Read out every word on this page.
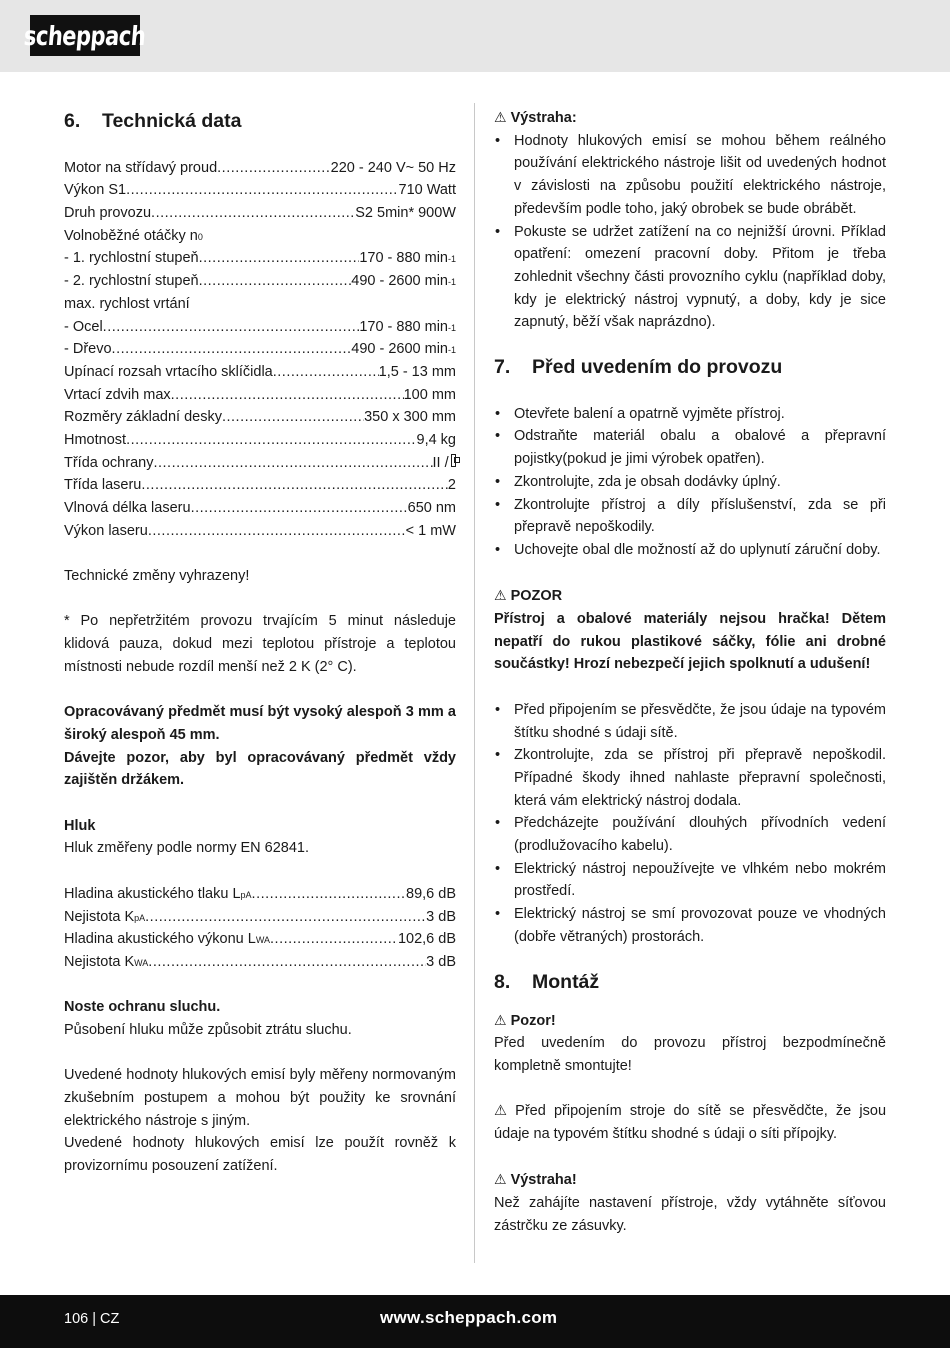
scheppach
6. Technická data
Motor na střídavý proud .....	220 - 240 V~ 50 Hz
Výkon S1 .....	710 Watt
Druh provozu .....	S2 5min* 900W
Volnoběžné otáčky n 0
- 1. rychlostní stupeň .....	170 - 880 min -1
- 2. rychlostní stupeň .....	490 - 2600 min -1
max. rychlost vrtání
- Ocel .....	170 - 880 min -1
- Dřevo .....	490 - 2600 min -1
Upínací rozsah vrtacího sklíčidla .....	1,5 - 13 mm
Vrtací zdvih max .....	100 mm
Rozměry základní desky .....	350 x 300 mm
Hmotnost .....	9,4 kg
Třída ochrany .....	II /
Třída laseru .....	2
Vlnová délka laseru .....	650 nm
Výkon laseru .....	< 1 mW

Technické změny vyhrazeny!

* Po nepřetržitém provozu trvajícím 5 minut následuje klidová pauza, dokud mezi teplotou přístroje a teplotou místnosti nebude rozdíl menší než 2 K (2° C).

Opracovávaný předmět musí být vysoký alespoň 3 mm a široký alespoň 45 mm.

Dávejte pozor, aby byl opracovávaný předmět vždy zajištěn držákem.

Hluk

Hluk změřeny podle normy EN 62841.

Hladina akustického tlaku L pA .....	89,6 dB
Nejistota K pA .....	3 dB
Hladina akustického výkonu L WA .....	102,6 dB
Nejistota K WA .....	3 dB

Noste ochranu sluchu.

Působení hluku může způsobit ztrátu sluchu.

Uvedené hodnoty hlukových emisí byly měřeny normovaným zkušebním postupem a mohou být použity ke srovnání elektrického nástroje s jiným.

Uvedené hodnoty hlukových emisí lze použít rovněž k provizornímu posouzení zatížení.

⚠ Výstraha:
• Hodnoty hlukových emisí se mohou během reálného používání elektrického nástroje lišit od uvedených hodnot v závislosti na způsobu použití elektrického nástroje, především podle toho, jaký obrobek se bude obrábět.
• Pokuste se udržet zatížení na co nejnižší úrovni. Příklad opatření: omezení pracovní doby. Přitom je třeba zohlednit všechny části provozního cyklu (například doby, kdy je elektrický nástroj vypnutý, a doby, kdy je sice zapnutý, běží však naprázdno).
7. Před uvedením do provozu
• Otevřete balení a opatrně vyjměte přístroj.
• Odstraňte materiál obalu a obalové a přepravní pojistky(pokud je jimi výrobek opatřen).
• Zkontrolujte, zda je obsah dodávky úplný.
• Zkontrolujte přístroj a díly příslušenství, zda se při přepravě nepoškodily.
• Uchovejte obal dle možností až do uplynutí záruční doby.
⚠ POZOR

Přístroj a obalové materiály nejsou hračka! Dětem nepatří do rukou plastikové sáčky, fólie ani drobné součástky! Hrozí nebezpečí jejich spolknutí a udušení!

• Před připojením se přesvědčte, že jsou údaje na typovém štítku shodné s údaji sítě.
• Zkontrolujte, zda se přístroj při přepravě nepoškodil. Případné škody ihned nahlaste přepravní společnosti, která vám elektrický nástroj dodala.
• Předcházejte používání dlouhých přívodních vedení (prodlužovacího kabelu).
• Elektrický nástroj nepoužívejte ve vlhkém nebo mokrém prostředí.
• Elektrický nástroj se smí provozovat pouze ve vhodných (dobře větraných) prostorách.
8. Montáž
⚠ Pozor!

Před uvedením do provozu přístroj bezpodmínečně kompletně smontujte!

⚠ Před připojením stroje do sítě se přesvědčte, že jsou údaje na typovém štítku shodné s údaji o síti přípojky.

⚠ Výstraha!

Než zahájíte nastavení přístroje, vždy vytáhněte síťovou zástrčku ze zásuvky.

106 | CZ	www.scheppach.com
